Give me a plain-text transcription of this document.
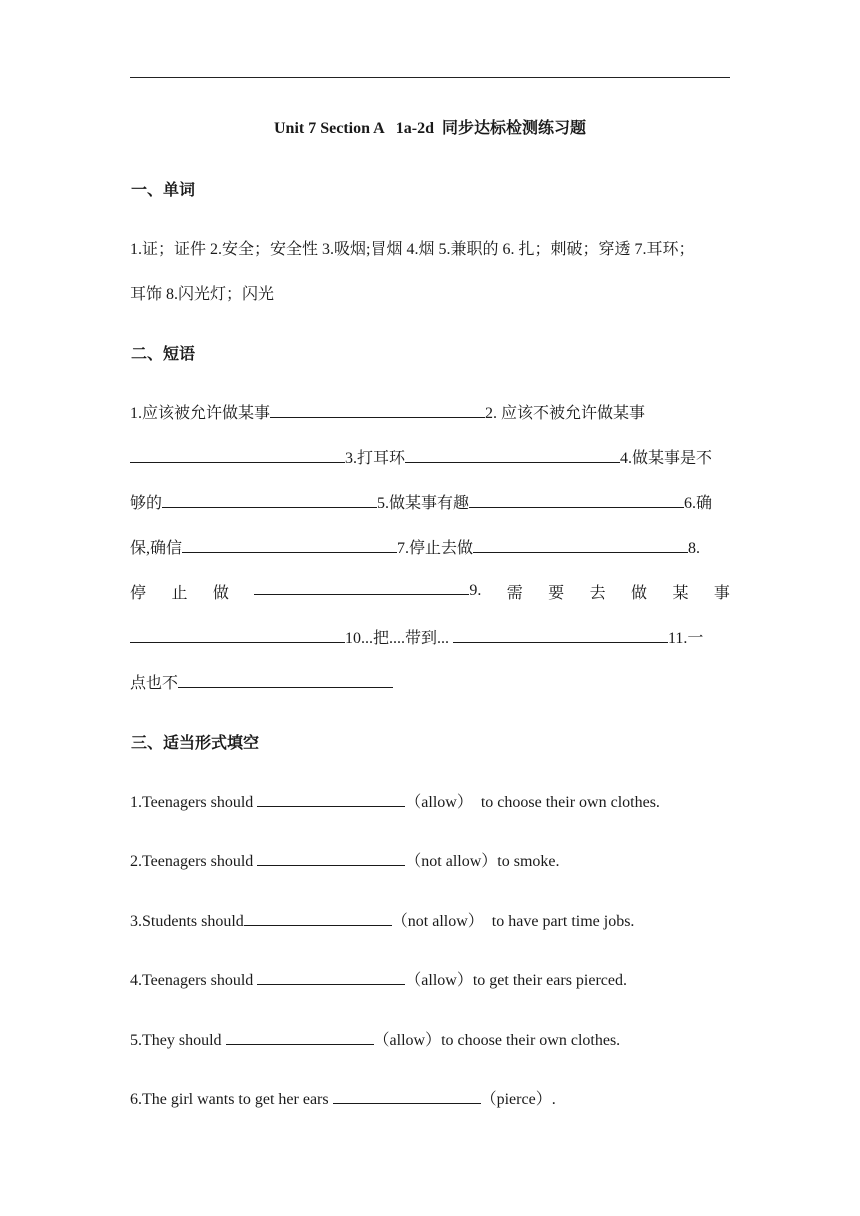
Unit 7 Section A   1a-2d  同步达标检测练习题
一、单词
1.证；证件 2.安全；安全性 3.吸烟;冒烟 4.烟 5.兼职的 6. 扎；刺破；穿透 7.耳环；
耳饰 8.闪光灯；闪光
二、短语
1.应该被允许做某事	2. 应该不被允许做某事
3.打耳环	4.做某事是不
够的	5.做某事有趣	6.确
保,确信	7.停止去做	8.
停 止 做	9. 需 要 去 做 某 事
10...把....带到...	11.一
点也不
三、适当形式填空
1.Teenagers should	（allow）  to choose their own clothes.
2.Teenagers should	（not allow）to smoke.
3.Students should	（not allow）  to have part time jobs.
4.Teenagers should	（allow）to get their ears pierced.
5.They should	（allow）to choose their own clothes.
6.The girl wants to get her ears	（pierce）.
